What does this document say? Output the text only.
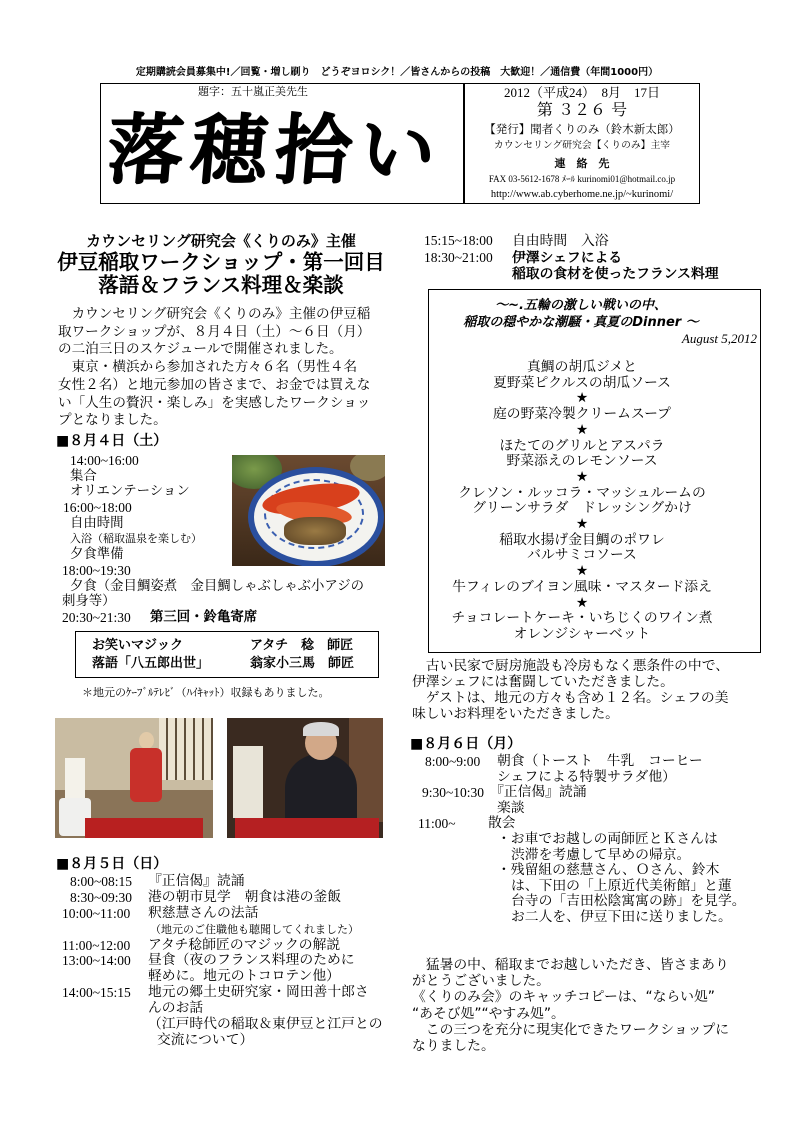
定期購読会員募集中!／回覧・増し刷り　どうぞヨロシク！／皆さんからの投稿　大歓迎！／通信費（年間1000円）
題字：五十嵐正美先生
落穂拾い
2012（平成24）　8月　17日
第 ３２６ 号
【発行】聞者くりのみ（鈴木新太郎）
カウンセリング研究会【くりのみ】主宰
連　絡　先
FAX 03-5612-1678 ﾒｰﾙ kurinomi01@hotmail.co.jp
http://www.ab.cyberhome.ne.jp/~kurinomi/
カウンセリング研究会《くりのみ》主催
伊豆稲取ワークショップ・第一回目
落語＆フランス料理＆楽談
　カウンセリング研究会《くりのみ》主催の伊豆稲
取ワークショップが、８月４日（土）～６日（月）
の二泊三日のスケジュールで開催されました。
　東京・横浜から参加された方々６名（男性４名
女性２名）と地元参加の皆さまで、お金では買えな
い「人生の贅沢・楽しみ」を実感したワークショッ
プとなりました。
■８月４日（土）
14:00~16:00
集合
オリエンテーション
16:00~18:00
自由時間
入浴（稲取温泉を楽しむ）
夕食準備
18:00~19:30
夕食（金目鯛姿煮　金目鯛しゃぶしゃぶ小アジの
刺身等）
20:30~21:30 第三回・鈴亀寄席
お笑いマジック	アタチ　稔　師匠
落語「八五郎出世」	翁家小三馬　師匠
＊地元のｹｰﾌﾞﾙﾃﾚﾋﾞ（ﾊｲｷｬｯﾄ）収録もありました。
■８月５日（日）
8:00~08:15 『正信偈』読誦
8:30~09:30 港の朝市見学　朝食は港の釜飯
10:00~11:00 釈慈慧さんの法話
（地元のご住職他も聴聞してくれました）
11:00~12:00 アタチ稔師匠のマジックの解説
13:00~14:00 昼食（夜のフランス料理のために
軽めに。地元のトコロテン他）
14:00~15:15 地元の郷土史研究家・岡田善十郎さ
んのお話
（江戸時代の稲取＆東伊豆と江戸との
交流について）
15:15~18:00 自由時間　入浴
18:30~21:00 伊澤シェフによる
稲取の食材を使ったフランス料理
～~.五輪の激しい戦いの中、
稲取の穏やかな潮騒・真夏のDinner ～
August 5,2012
真鯛の胡瓜ジメと
夏野菜ピクルスの胡瓜ソース
★
庭の野菜冷製クリームスープ
★
ほたてのグリルとアスパラ
野菜添えのレモンソース
★
クレソン・ルッコラ・マッシュルームの
グリーンサラダ　ドレッシングかけ
★
稲取水揚げ金目鯛のポワレ
バルサミコソース
★
牛フィレのブイヨン風味・マスタード添え
★
チョコレートケーキ・いちじくのワイン煮
オレンジシャーベット
　古い民家で厨房施設も冷房もなく悪条件の中で、
伊澤シェフには奮闘していただきました。
　ゲストは、地元の方々も含め１２名。シェフの美
味しいお料理をいただきました。
■８月６日（月）
8:00~9:00 朝食（トースト　牛乳　コーヒー
シェフによる特製サラダ他）
9:30~10:30 『正信偈』読誦
楽談
11:00~ 散会
・お車でお越しの両師匠とＫさんは
渋滞を考慮して早めの帰京。
・残留組の慈慧さん、Ｏさん、鈴木
は、下田の「上原近代美術館」と蓮
台寺の「吉田松陰寓寓の跡」を見学。
お二人を、伊豆下田に送りました。
　猛暑の中、稲取までお越しいただき、皆さまあり
がとうございました。
《くりのみ会》のキャッチコピーは、“ならい処”
“あそび処”“やすみ処”。
　この三つを充分に現実化できたワークショップに
なりました。
